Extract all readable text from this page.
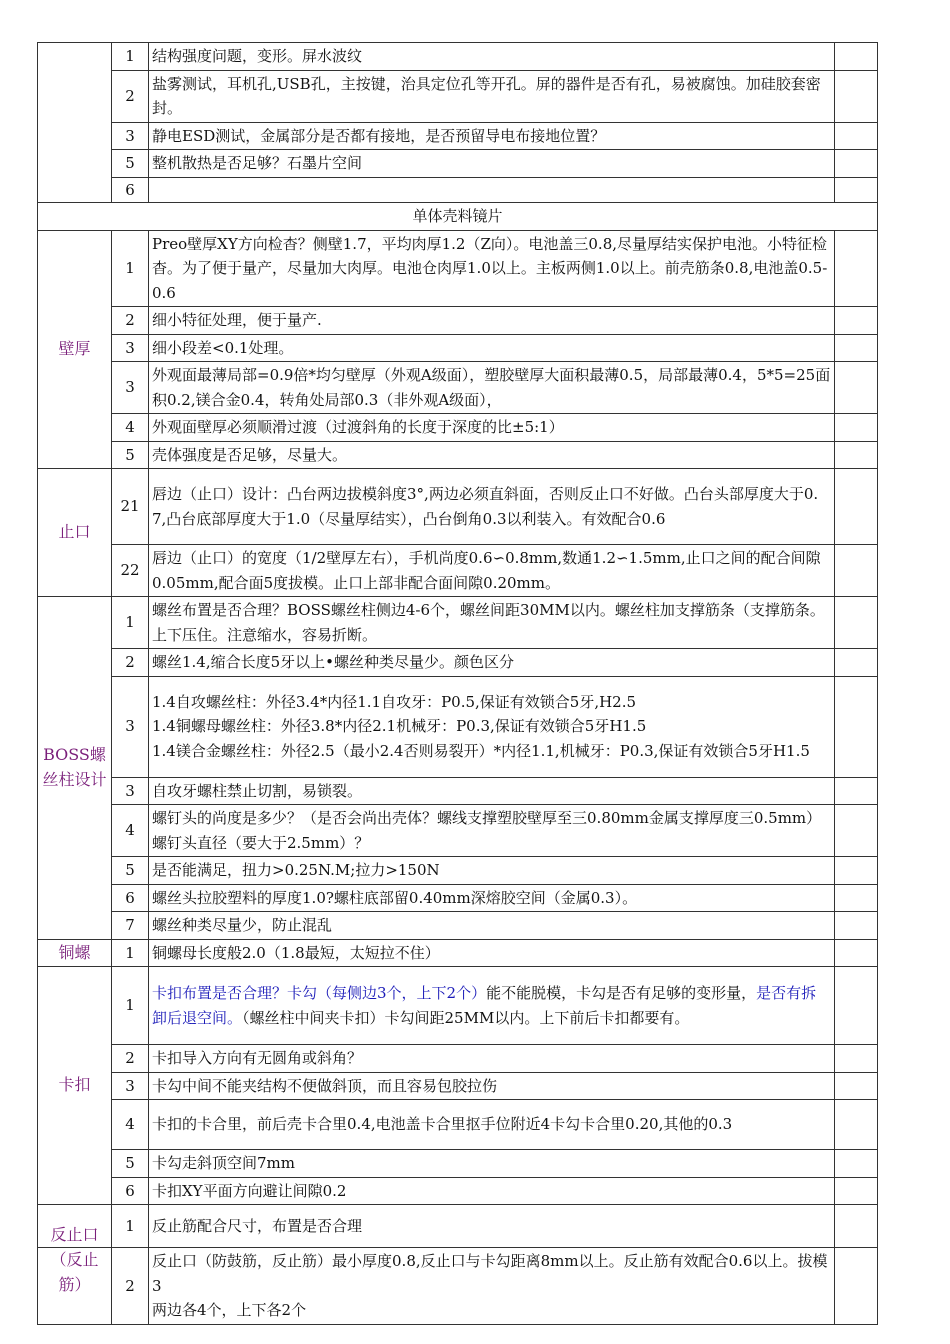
	1	结构强度问题，变形。屏水波纹	
	2	盐雾测试，耳机孔,USB孔，主按键，治具定位孔等开孔。屏的器件是否有孔，易被腐蚀。加硅胶套密封。	
	3	静电ESD测试，金属部分是否都有接地，是否预留导电布接地位置？	
	5	整机散热是否足够？石墨片空间	
	6		
单体壳料镜片			
壁厚	1	Preo壁厚XY方向检杳？侧壁1.7，平均肉厚1.2（Z向）。电池盖三0.8,尽量厚结实保护电池。小特征检杳。为了便于量产，尽量加大肉厚。电池仓肉厚1.0以上。主板两侧1.0以上。前壳筋条0.8,电池盖0.5-0.6	
	2	细小特征处理，便于量产.	
	3	细小段差<0.1处理。	
	3	外观面最薄局部=0.9倍*均匀壁厚（外观A级面），塑胶壁厚大面积最薄0.5，局部最薄0.4，5*5=25面积0.2,镁合金0.4，转角处局部0.3（非外观A级面），	
	4	外观面壁厚必须顺滑过渡（过渡斜角的长度于深度的比±5:1）	
	5	壳体强度是否足够，尽量大。	
止口	21	唇边（止口）设计：凸台两边拔模斜度3°,两边必须直斜面，否则反止口不好做。凸台头部厚度大于0.7,凸台底部厚度大于1.0（尽量厚结实），凸台倒角0.3以利装入。有效配合0.6	
	22	唇边（止口）的宽度（1/2壁厚左右），手机尚度0.6∽0.8mm,数通1.2∽1.5mm,止口之间的配合间隙0.05mm,配合面5度拔模。止口上部非配合面间隙0.20mm。	
BOSS螺丝柱设计	1	螺丝布置是否合理？BOSS螺丝柱侧边4-6个，螺丝间距30MM以内。螺丝柱加支撑筋条（支撑筋条。上下压住。注意缩水，容易折断。	
	2	螺丝1.4,缩合长度5牙以上•螺丝种类尽量少。颜色区分	
	3	1.4自攻螺丝柱：外径3.4*内径1.1自攻牙：P0.5,保证有效锁合5牙,H2.5
1.4铜螺母螺丝柱：外径3.8*内径2.1机械牙：P0.3,保证有效锁合5牙H1.5
1.4镁合金螺丝柱：外径2.5（最小2.4否则易裂开）*内径1.1,机械牙：P0.3,保证有效锁合5牙H1.5	

	3	自攻牙螺柱禁止切割，易锁裂。	
	4	螺钉头的尚度是多少？（是否会尚出壳体？螺线支撑塑胶壁厚至三0.80mm金属支撑厚度三0.5mm）螺钉头直径（要大于2.5mm）？	
	5	是否能满足，扭力>0.25N.M;拉力>150N	
	6	螺丝头拉胶塑料的厚度1.0?螺柱底部留0.40mm深熔胶空间（金属0.3）。	
	7	螺丝种类尽量少，防止混乱	
铜螺	1	铜螺母长度般2.0（1.8最短，太短拉不住）	
卡扣	1	卡扣布置是否合理？卡勾（每侧边3个，上下2个）能不能脱模，卡勾是否有足够的变形量，是否有拆卸后退空间。（螺丝柱中间夹卡扣）卡勾间距25MM以内。上下前后卡扣都要有。	
	2	卡扣导入方向有无圆角或斜角？	
	3	卡勾中间不能夹结构不便做斜顶，而且容易包胶拉伤	
	4	卡扣的卡合里，前后壳卡合里0.4,电池盖卡合里抠手位附近4卡勾卡合里0.20,其他的0.3	
	5	卡勾走斜顶空间7mm	
	6	卡扣XY平面方向避让间隙0.2	
反止口	1	反止筋配合尺寸，布置是否合理	
（反止筋）	2	反止口（防鼓筋，反止筋）最小厚度0.8,反止口与卡勾距离8mm以上。反止筋有效配合0.6以上。拔模3
两边各4个，上下各2个	
